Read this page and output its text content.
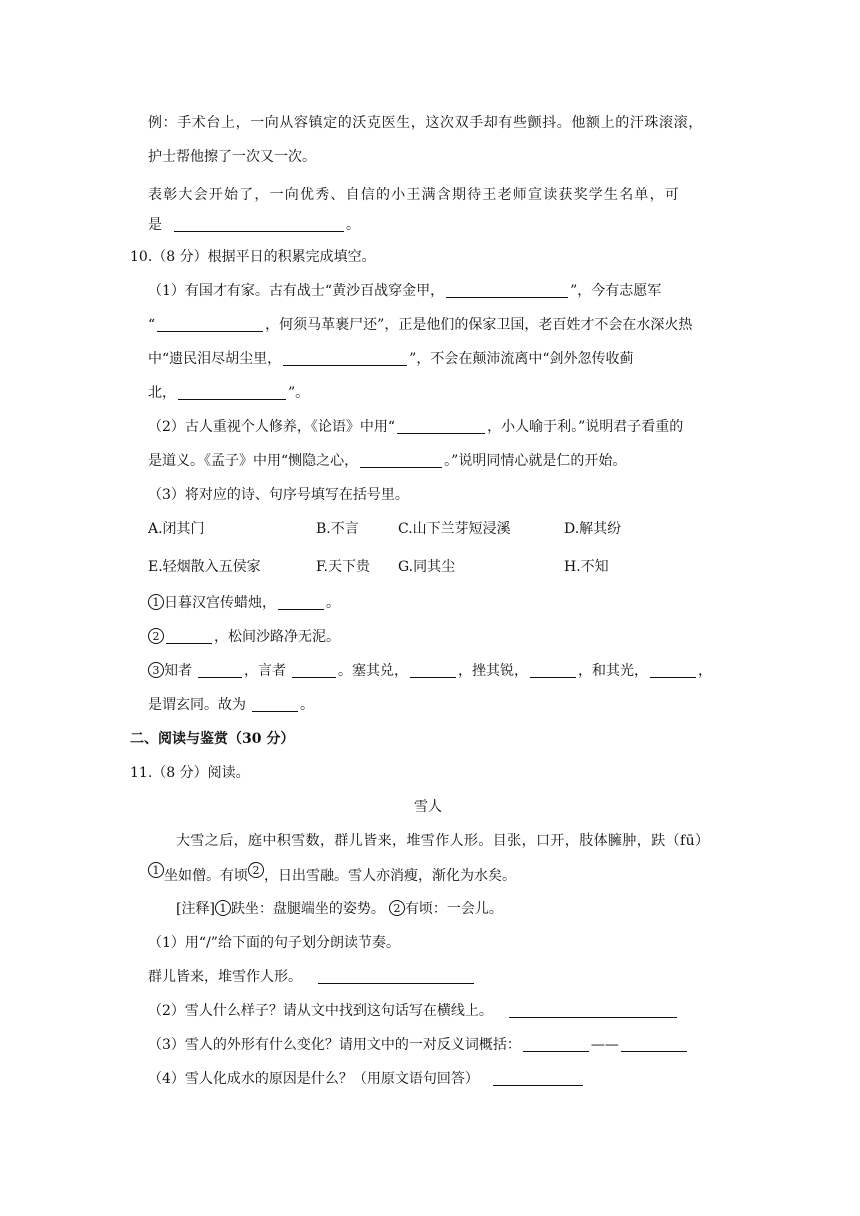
例：手术台上，一向从容镇定的沃克医生，这次双手却有些颤抖。他额上的汗珠滚滚，
护士帮他擦了一次又一次。
表彰大会开始了，一向优秀、自信的小王满含期待王老师宣读获奖学生名单，可
是	。
10.（8 分）根据平日的积累完成填空。
（1）有国才有家。古有战士“黄沙百战穿金甲，	”，今有志愿军
“	，何须马革裹尸还”，正是他们的保家卫国，老百姓才不会在水深火热
中“遗民泪尽胡尘里，	”，不会在颠沛流离中“剑外忽传收蓟
北，	”。
（2）古人重视个人修养，《论语》中用“	，小人喻于利。”说明君子看重的
是道义。《孟子》中用“恻隐之心，	。”说明同情心就是仁的开始。
（3）将对应的诗、句序号填写在括号里。
A.闭其门	B.不言	C.山下兰芽短浸溪	D.解其纷
E.轻烟散入五侯家	F.天下贵 G.同其尘	H.不知
1 日暮汉宫传蜡烛，	。
2	，松间沙路净无泥。
3 知者	，言者	。塞其兑，	，挫其锐，	，和其光，	，
是谓玄同。故为	。
二、阅读与鉴赏（30 分）
11.（8 分）阅读。
雪人
大雪之后，庭中积雪数，群儿皆来，堆雪作人形。目张，口开，肢体臃肿，趺（fū）
1 坐如僧。有顷 2 ，日出雪融。雪人亦消瘦，渐化为水矣。
[注释] 1 趺坐：盘腿端坐的姿势。 2 有顷：一会儿。
（1）用“/”给下面的句子划分朗读节奏。
群儿皆来，堆雪作人形。
（2）雪人什么样子？请从文中找到这句话写在横线上。
（3）雪人的外形有什么变化？请用文中的一对反义词概括：	——
（4）雪人化成水的原因是什么？（用原文语句回答）
